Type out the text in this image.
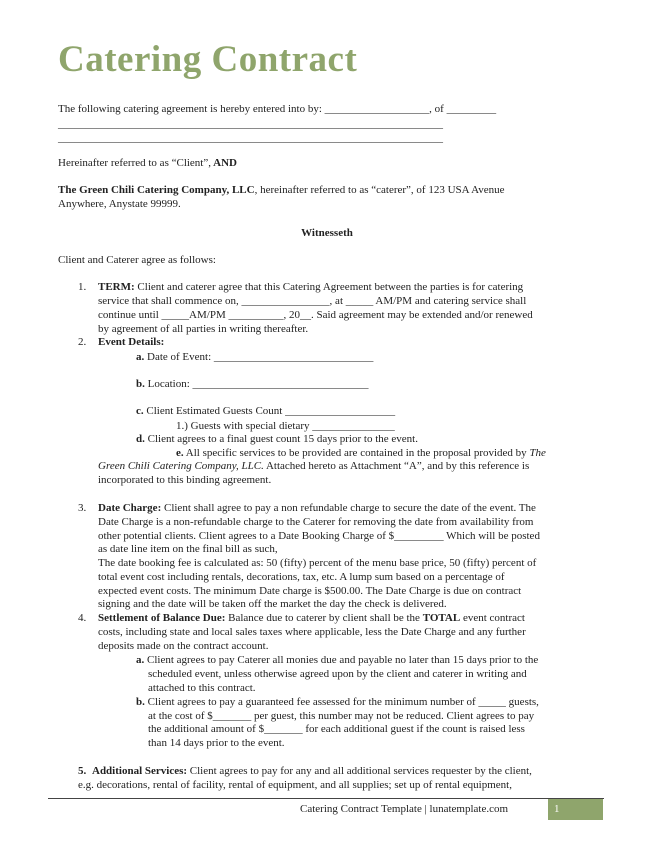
Catering Contract
The following catering agreement is hereby entered into by: ___________________, of _________
______________________________________________________________________
______________________________________________________________________
Hereinafter referred to as “Client”, AND
The Green Chili Catering Company, LLC, hereinafter referred to as “caterer”, of 123 USA Avenue
Anywhere, Anystate 99999.
Witnesseth
Client and Caterer agree as follows:
1. TERM: Client and caterer agree that this Catering Agreement between the parties is for catering
service that shall commence on, ________________, at _____ AM/PM and catering service shall
continue until _____AM/PM __________, 20__. Said agreement may be extended and/or renewed
by agreement of all parties in writing thereafter.
2. Event Details:
a. Date of Event: _____________________________
b. Location: ________________________________
c. Client Estimated Guests Count ____________________
1.) Guests with special dietary _______________
d. Client agrees to a final guest count 15 days prior to the event.
e. All specific services to be provided are contained in the proposal provided by The
Green Chili Catering Company, LLC. Attached hereto as Attachment “A”, and by this reference is
incorporated to this binding agreement.
3. Date Charge: Client shall agree to pay a non refundable charge to secure the date of the event. The
Date Charge is a non-refundable charge to the Caterer for removing the date from availability from
other potential clients. Client agrees to a Date Booking Charge of $_________ Which will be posted
as date line item on the final bill as such,
The date booking fee is calculated as: 50 (fifty) percent of the menu base price, 50 (fifty) percent of
total event cost including rentals, decorations, tax, etc. A lump sum based on a percentage of
expected event costs. The minimum Date charge is $500.00. The Date Charge is due on contract
signing and the date will be taken off the market the day the check is delivered.
4. Settlement of Balance Due: Balance due to caterer by client shall be the TOTAL event contract
costs, including state and local sales taxes where applicable, less the Date Charge and any further
deposits made on the contract account.
a. Client agrees to pay Caterer all monies due and payable no later than 15 days prior to the
scheduled event, unless otherwise agreed upon by the client and caterer in writing and
attached to this contract.
b. Client agrees to pay a guaranteed fee assessed for the minimum number of _____ guests,
at the cost of $_______ per guest, this number may not be reduced. Client agrees to pay
the additional amount of $_______ for each additional guest if the count is raised less
than 14 days prior to the event.
5. Additional Services: Client agrees to pay for any and all additional services requester by the client,
e.g. decorations, rental of facility, rental of equipment, and all supplies; set up of rental equipment,
Catering Contract Template | lunatemplate.com	1
